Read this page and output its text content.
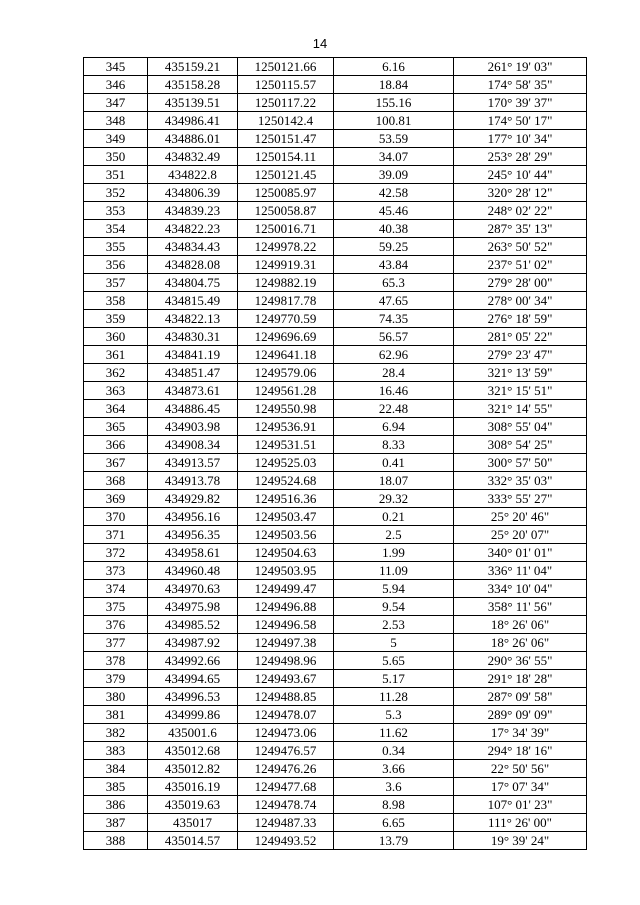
14
345	435159.21	1250121.66	6.16	261° 19' 03"
346	435158.28	1250115.57	18.84	174° 58' 35"
347	435139.51	1250117.22	155.16	170° 39' 37"
348	434986.41	1250142.4	100.81	174° 50' 17"
349	434886.01	1250151.47	53.59	177° 10' 34"
350	434832.49	1250154.11	34.07	253° 28' 29"
351	434822.8	1250121.45	39.09	245° 10' 44"
352	434806.39	1250085.97	42.58	320° 28' 12"
353	434839.23	1250058.87	45.46	248° 02' 22"
354	434822.23	1250016.71	40.38	287° 35' 13"
355	434834.43	1249978.22	59.25	263° 50' 52"
356	434828.08	1249919.31	43.84	237° 51' 02"
357	434804.75	1249882.19	65.3	279° 28' 00"
358	434815.49	1249817.78	47.65	278° 00' 34"
359	434822.13	1249770.59	74.35	276° 18' 59"
360	434830.31	1249696.69	56.57	281° 05' 22"
361	434841.19	1249641.18	62.96	279° 23' 47"
362	434851.47	1249579.06	28.4	321° 13' 59"
363	434873.61	1249561.28	16.46	321° 15' 51"
364	434886.45	1249550.98	22.48	321° 14' 55"
365	434903.98	1249536.91	6.94	308° 55' 04"
366	434908.34	1249531.51	8.33	308° 54' 25"
367	434913.57	1249525.03	0.41	300° 57' 50"
368	434913.78	1249524.68	18.07	332° 35' 03"
369	434929.82	1249516.36	29.32	333° 55' 27"
370	434956.16	1249503.47	0.21	25° 20' 46"
371	434956.35	1249503.56	2.5	25° 20' 07"
372	434958.61	1249504.63	1.99	340° 01' 01"
373	434960.48	1249503.95	11.09	336° 11' 04"
374	434970.63	1249499.47	5.94	334° 10' 04"
375	434975.98	1249496.88	9.54	358° 11' 56"
376	434985.52	1249496.58	2.53	18° 26' 06"
377	434987.92	1249497.38	5	18° 26' 06"
378	434992.66	1249498.96	5.65	290° 36' 55"
379	434994.65	1249493.67	5.17	291° 18' 28"
380	434996.53	1249488.85	11.28	287° 09' 58"
381	434999.86	1249478.07	5.3	289° 09' 09"
382	435001.6	1249473.06	11.62	17° 34' 39"
383	435012.68	1249476.57	0.34	294° 18' 16"
384	435012.82	1249476.26	3.66	22° 50' 56"
385	435016.19	1249477.68	3.6	17° 07' 34"
386	435019.63	1249478.74	8.98	107° 01' 23"
387	435017	1249487.33	6.65	111° 26' 00"
388	435014.57	1249493.52	13.79	19° 39' 24"
